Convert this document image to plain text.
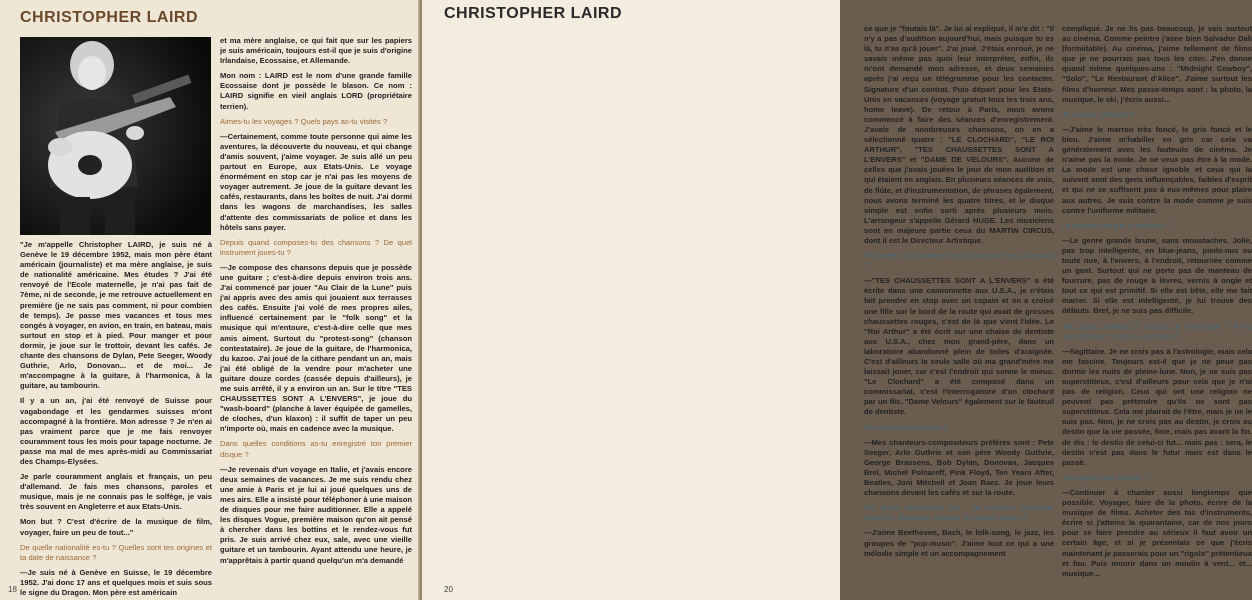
CHRISTOPHER LAIRD

"Je m'appelle Christopher LAIRD, je suis né à Genève le 19 décembre 1952, mais mon père étant américain (journaliste) et ma mère anglaise, je suis de nationalité américaine. Mes études ? J'ai été renvoyé de l'Ecole maternelle, je n'ai pas fait de 7ème, ni de seconde, je me retrouve actuellement en première (je ne sais pas comment, ni pour combien de temps). Je passe mes vacances et tous mes congés à voyager, en avion, en train, en bateau, mais surtout en stop et à pied. Pour manger et pour dormir, je joue sur le trottoir, devant les cafés. Je chante des chansons de Dylan, Pete Seeger, Woody Guthrie, Arlo, Donovan... et de moi... Je m'accompagne à la guitare, à l'harmonica, à la guitare, au tambourin.

Il y a un an, j'ai été renvoyé de Suisse pour vagabondage et les gendarmes suisses m'ont accompagné à la frontière. Mon adresse ? Je n'en ai pas vraiment parce que je me fais renvoyer couramment tous les mois pour tapage nocturne. Je passe ma mal de mes après-midi au Commissariat des Champs-Elysées.

Je parle couramment anglais et français, un peu d'allemand. Je fais mes chansons, paroles et musique, mais je ne connais pas le solfège, je vais très souvent en Angleterre et aux Etats-Unis.

Mon but ? C'est d'écrire de la musique de film, voyager, faire un peu de tout..."

De quelle nationalité es-tu ? Quelles sont tes origines et ta date de naissance ?

—Je suis né à Genève en Suisse, le 19 décembre 1952. J'ai donc 17 ans et quelques mois et suis sous le signe du Dragon. Mon père est américain

et ma mère anglaise, ce qui fait que sur les papiers je suis américain, toujours est-il que je suis d'origine Irlandaise, Ecossaise, et Allemande.

Mon nom : LAIRD est le nom d'une grande famille Ecossaise dont je possède le blason. Ce nom : LAIRD signifie en vieil anglais LORD (propriétaire terrien).

Aimes-tu les voyages ? Quels pays as-tu visités ?

—Certainement, comme toute personne qui aime les aventures, la découverte du nouveau, et qui change d'amis souvent, j'aime voyager. Je suis allé un peu partout en Europe, aux Etats-Unis. Le voyage énormément en stop car je n'ai pas les moyens de voyager autrement. Je joue de la guitare devant les cafés, restaurants, dans les boîtes de nuit. J'ai dormi dans les wagons de marchandises, les salles d'attente des commissariats de police et dans les hôtels sans payer.

Depuis quand composes-tu des chansons ? De quel instrument joues-tu ?

—Je compose des chansons depuis que je possède une guitare ; c'est-à-dire depuis environ trois ans. J'ai commencé par jouer "Au Clair de la Lune" puis j'ai appris avec des amis qui jouaient aux terrasses des cafés. Ensuite j'ai volé de mes propres ailes, influencé certainement par le "folk song" et la musique qui m'entoure, c'est-à-dire celle que mes amis aiment. Surtout du "protest-song" (chanson contestataire). Je joue de la guitare, de l'harmonica, du kazoo. J'ai joué de la cithare pendant un an, mais j'ai été obligé de la vendre pour m'acheter une guitare douze cordes (cassée depuis d'ailleurs), je me suis arrêté, il y a environ un an. Sur le titre "TES CHAUSSETTES SONT A L'ENVERS", je joue du "wash-board" (planche à laver équipée de gamelles, de cloches, d'un klaxon) : il suffit de taper un peu n'importe où, mais en cadence avec la musique.

Dans quelles conditions as-tu enregistré ton premier disque ?

—Je revenais d'un voyage en Italie, et j'avais encore deux semaines de vacances. Je me suis rendu chez une amie à Paris et je lui ai joué quelques uns de mes airs. Elle a insisté pour téléphoner à une maison de disques pour me faire auditionner. Elle a appelé les disques Vogue, première maison qu'on ait pensé à chercher dans les bottins et le rendez-vous fut pris. Je suis arrivé chez eux, sale, avec une vieille guitare et un tambourin. Ayant attendu une heure, je m'apprêtais à partir quand quelqu'un m'a demandé

18
CHRISTOPHER LAIRD

ce que je "foutais là". Je lui ai expliqué, il m'a dit : "Il n'y a pas d'audition aujourd'hui, mais puisque tu es là, tu n'as qu'à jouer". J'ai joué. J'étais enroué, je ne savais même pas quoi leur interpréter, enfin, ils m'ont demandé mon adresse, et deux semaines après j'ai reçu un télégramme pour les contacter. Signature d'un contrat. Puis départ pour les Etats-Unis en vacances (voyage gratuit tous les trois ans, home leave). De retour à Paris, nous avons commencé à faire des séances d'enregistrement. J'avais de nombreuses chansons, on en a sélectionné quatre : "LE CLOCHARD", "LE ROI ARTHUR", "TES CHAUSSETTES SONT A L'ENVERS" et "DAME DE VELOURS". Aucune de celles que j'avais jouées le jour de mon audition et qui étaient en anglais. En plusieurs séances de voix, de flûte, et d'instrumentation, de phrases également, nous avons terminé les quatre titres, et le disque simple est enfin sorti après plusieurs mois. L'arrangeur s'appelle Gérard HUGE. Les musiciens sont en majeure partie ceux du MARTIN CIRCUS, dont il est le Directeur Artistique.

En quelles circonstances as-tu composé ces chansons ?

—"TES CHAUSSETTES SONT A L'ENVERS" a été écrite dans une camionnette aux U.S.A., je n'étais fait prendre en stop avec un copain et on a croisé une fille sur le bord de la route qui avait de grosses chaussettes rouges, c'est de là que vient l'idée. Le "Roi Arthur" a été écrit sur une chaise de dentiste aux U.S.A., chez mon grand-père, dans un laboratoire abandonné plein de toiles d'araignée. C'est d'ailleurs la seule salle où ma grand'mère me laissait jouer, car c'est l'endroit qui sonne le mieux. "Le Clochard" a été composé dans un commissariat, c'est l'interrogatoire d'un clochard par un flic. "Dame Velours" également sur le fauteuil de dentiste.

Tes chanteurs préférés ?

—Mes chanteurs-compositeurs préférés sont : Pete Seeger, Arlo Guthrie et son père Woody Guthrie, George Brassens, Bob Dylan, Donovan, Jacques Brel, Michel Polnareff, Pink Floyd, Ten Years After, Beatles, Joni Mitchell et Joan Baez. Je joue leurs chansons devant les cafés et sur la route.

Tes goûts personnels sur : la musique classique, moderne, littérature, cinéma. Ton passe-temps ?

—J'aime Beethoven, Bach, le folk-song, le jazz, les groupes de "pop-music". J'aime tout ce qui a une mélodie simple et un accompagnement

compliqué. Je ne lis pas beaucoup, je vais surtout au cinéma. Comme peintre j'aime bien Salvador Dali (formidable). Au cinéma, j'aime tellement de films que je ne pourrais pas tous les citer. J'en donne quand même quelques-uns : "Midnight Cowboy", "Solo", "Le Restaurant d'Alice". J'aime surtout les films d'horreur. Mes passe-temps sont : la photo, la musique, le ski, j'écris aussi...

Ta couleur préférée ?

—J'aime le marron très foncé, le gris foncé et le bleu. J'aime m'habiller en gris car cela va généralement avec les fauteuils de cinéma. Je n'aime pas la mode. Je ne veux pas être à la mode. La mode est une chose ignoble et ceux qui la suivent sont des gens influençables, faibles d'esprit et qui ne se suffisent pas à eux-mêmes pour plaire aux autres. Je suis contre la mode comme je suis contre l'uniforme militaire.

Le type de fille que tu préfères ?

—Le genre grande brune, sans moustaches. Jolie, pas trop intelligente, en blue-jeans, pieds-nus ou toute nue, à l'envers, à l'endroit, retournée comme un gant. Surtout qui ne porte pas de manteau de fourrure, pas de rouge à lèvres, vernis à ongle et tout ce qui est primitif. Si elle est bête, elle me fait marrer. Si elle est intelligente, je lui trouve des défauts. Bref, je ne suis pas difficile.

Ton signe zodiacal ? Crois-tu à l'astrologie ? Es-tu superstitieux ? Crois-tu au destin ?

—Sagittaire. Je ne crois pas à l'astrologie, mais cela me fascine. Toujours est-il que je ne peux pas dormir les nuits de pleine-lune. Non, je ne suis pas superstitieux, c'est d'ailleurs pour cela que je n'ai pas de religion. Ceux qui ont une religion ne peuvent pas prétendre qu'ils ne sont pas superstitieux. Cela me plairait de l'être, mais je ne le suis pas. Non, je ne crois pas au destin, je crois au destin que la vie passée, finie, mais pas avant la fin. de dis : le destin de celui-ci fut... mais pas : sera, le destin n'est pas dans le futur mais est dans le passé.

Tes projets pour l'avenir ?

—Continuer à chanter aussi longtemps que possible. Voyager, faire de la photo, écrire de la musique de films. Acheter des tas d'instruments, écrire si j'atteins la quarantaine, car de nos jours pour se faire prendre au sérieux il faut avoir un certain âge, et si je présentais ce que j'écris maintenant je passerais pour un "rigolo" prétentieux et fou. Puis mourir dans un moulin à vent... et... musique...

20
